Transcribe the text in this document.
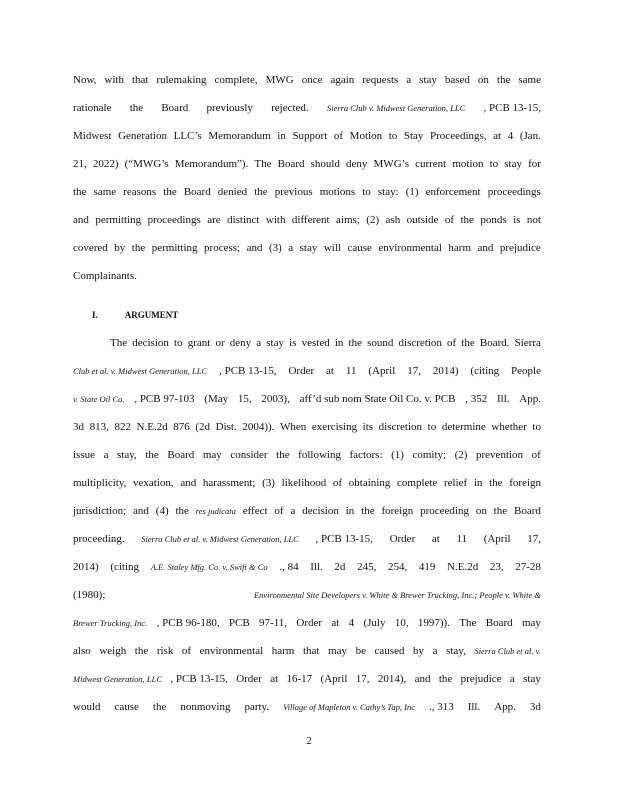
Now, with that rulemaking complete, MWG once again requests a stay based on the same
rationale the Board previously rejected. Sierra Club v. Midwest Generation, LLC , PCB 13-15,
Midwest Generation LLC’s Memorandum in Support of Motion to Stay Proceedings, at 4 (Jan.
21, 2022) (“MWG’s Memorandum”). The Board should deny MWG’s current motion to stay for
the same reasons the Board denied the previous motions to stay: (1) enforcement proceedings
and permitting proceedings are distinct with different aims; (2) ash outside of the ponds is not
covered by the permitting process; and (3) a stay will cause environmental harm and prejudice
Complainants.
The decision to grant or deny a stay is vested in the sound discretion of the Board. Sierra
Club et al. v. Midwest Generation, LLC , PCB 13-15, Order at 11 (April 17, 2014) (citing People
v. State Oil Co. , PCB 97-103 (May 15, 2003), aff’d sub nom State Oil Co. v. PCB , 352 Ill. App.
3d 813, 822 N.E.2d 876 (2d Dist. 2004)). When exercising its discretion to determine whether to
issue a stay, the Board may consider the following factors: (1) comity; (2) prevention of
multiplicity, vexation, and harassment; (3) likelihood of obtaining complete relief in the foreign
jurisdiction; and (4) the res judicata effect of a decision in the foreign proceeding on the Board
proceeding. Sierra Club et al. v. Midwest Generation, LLC , PCB 13-15, Order at 11 (April 17,
2014) (citing A.E. Staley Mfg. Co. v. Swift & Co ., 84 Ill. 2d 245, 254, 419 N.E.2d 23, 27-28
(1980);	Environmental Site Developers v. White & Brewer Trucking, Inc.; People v. White &
Brewer Trucking, Inc. , PCB 96-180, PCB 97-11, Order at 4 (July 10, 1997)). The Board may
also weigh the risk of environmental harm that may be caused by a stay, Sierra Club et al. v.
Midwest Generation, LLC , PCB 13-15, Order at 16-17 (April 17, 2014), and the prejudice a stay
would cause the nonmoving party. Village of Mapleton v. Cathy’s Tap, Inc ., 313 Ill. App. 3d
I.	ARGUMENT
2
